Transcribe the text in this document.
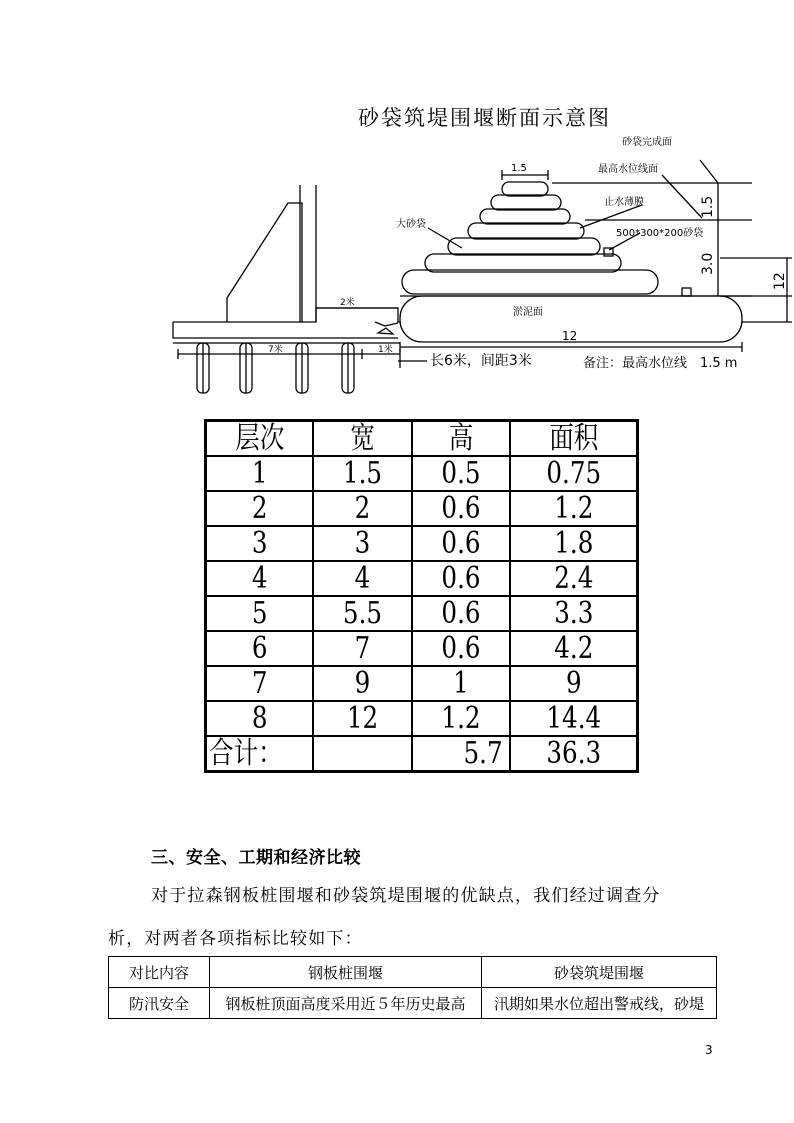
砂袋筑堤围堰断面示意图
1.5
砂袋完成面
最高水位线面
止水薄膜
500*300*200砂袋
大砂袋
淤泥面
2米
7米	1米
长6米，间距3米	备注：最高水位线　1.5 m
12
1.5
3.0
12
层次	宽	高	面积
1	1.5	0.5	0.75
2	2	0.6	1.2
3	3	0.6	1.8
4	4	0.6	2.4
5	5.5	0.6	3.3
6	7	0.6	4.2
7	9	1	9
8	12	1.2	14.4
合计：		5.7	36.3
三、安全、工期和经济比较
对于拉森钢板桩围堰和砂袋筑堤围堰的优缺点，我们经过调查分
析，对两者各项指标比较如下：
对比内容	钢板桩围堰	砂袋筑堤围堰
防汛安全	钢板桩顶面高度采用近５年历史最高	汛期如果水位超出警戒线，砂堤
3
